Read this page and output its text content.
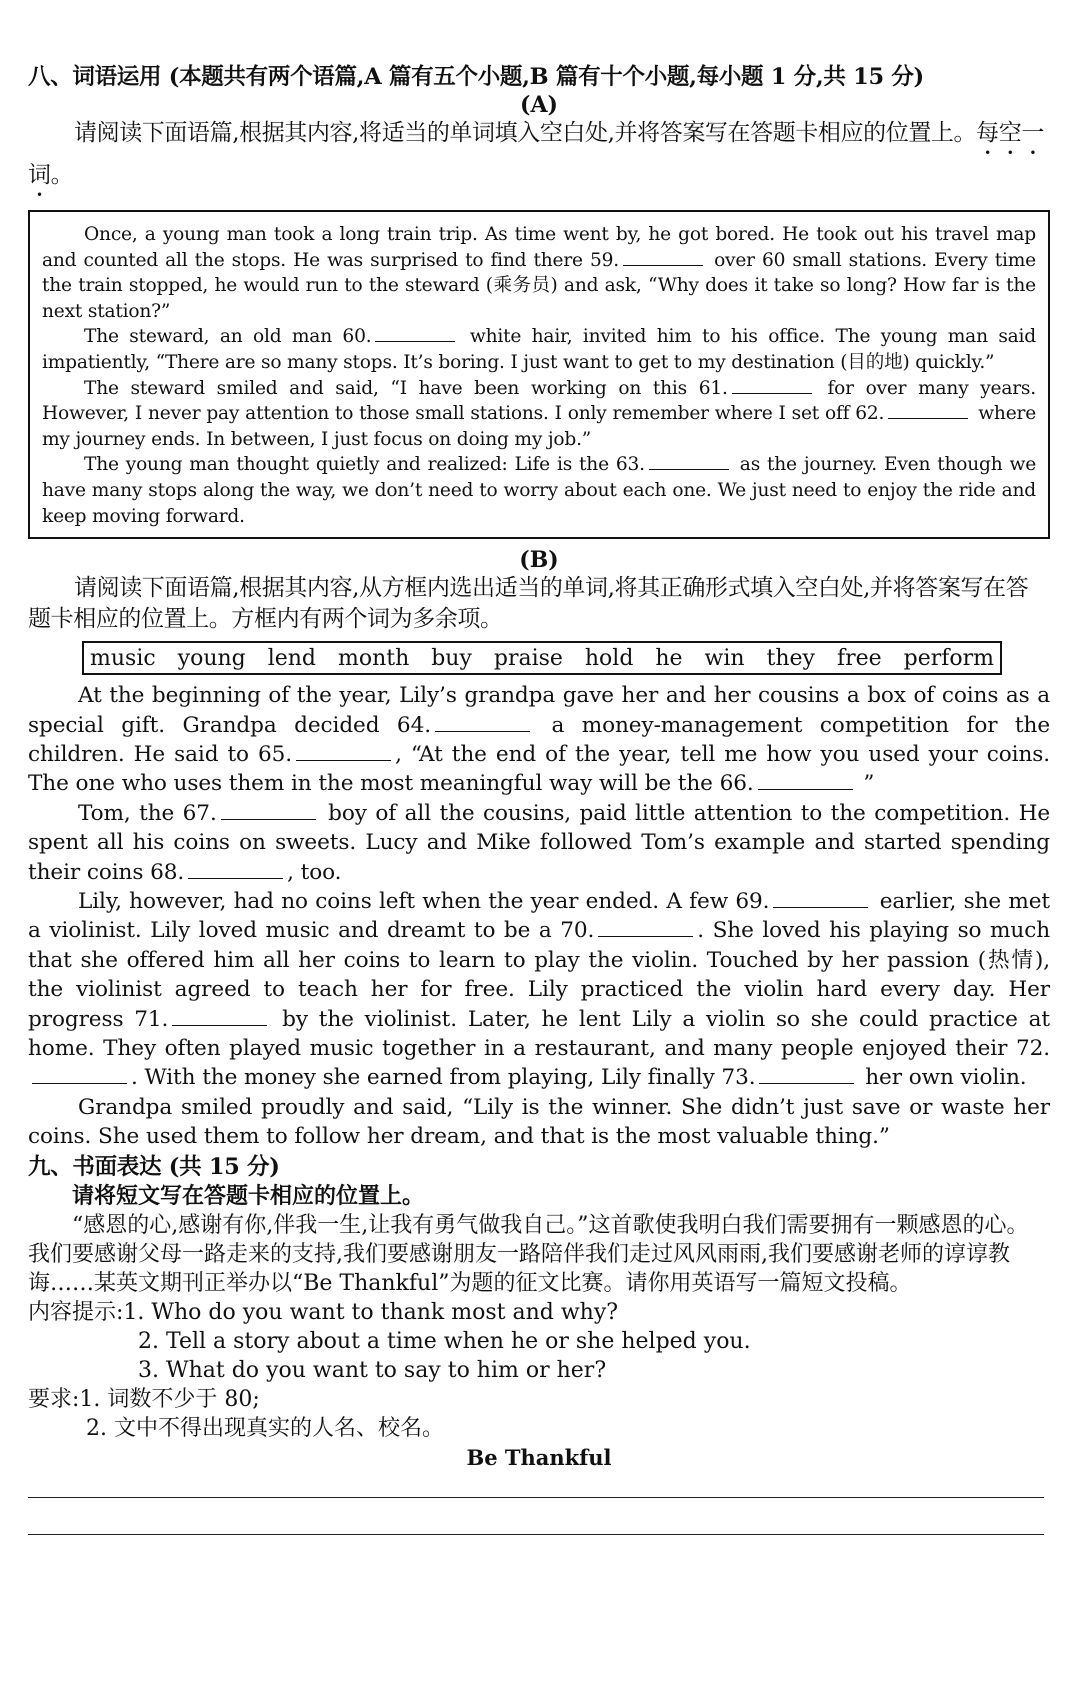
八、词语运用 (本题共有两个语篇,A 篇有五个小题,B 篇有十个小题,每小题 1 分,共 15 分)
(A)
请阅读下面语篇,根据其内容,将适当的单词填入空白处,并将答案写在答题卡相应的位置上。每空一词。

Once, a young man took a long train trip. As time went by, he got bored. He took out his travel map and counted all the stops. He was surprised to find there 59.	over 60 small stations. Every time the train stopped, he would run to the steward (乘务员) and ask, “Why does it take so long? How far is the next station?”

The steward, an old man 60.	white hair, invited him to his office. The young man said impatiently, “There are so many stops. It’s boring. I just want to get to my destination (目的地) quickly.”

The steward smiled and said, “I have been working on this 61.	for over many years. However, I never pay attention to those small stations. I only remember where I set off 62.	where my journey ends. In between, I just focus on doing my job.”

The young man thought quietly and realized: Life is the 63.	as the journey. Even though we have many stops along the way, we don’t need to worry about each one. We just need to enjoy the ride and keep moving forward.

(B)
请阅读下面语篇,根据其内容,从方框内选出适当的单词,将其正确形式填入空白处,并将答案写在答题卡相应的位置上。方框内有两个词为多余项。
music young lend month buy praise hold he win they free perform

At the beginning of the year, Lily’s grandpa gave her and her cousins a box of coins as a special gift. Grandpa decided 64.	a money-management competition for the children. He said to 65.	, “At the end of the year, tell me how you used your coins. The one who uses them in the most meaningful way will be the 66.	”

Tom, the 67.	boy of all the cousins, paid little attention to the competition. He spent all his coins on sweets. Lucy and Mike followed Tom’s example and started spending their coins 68.	, too.

Lily, however, had no coins left when the year ended. A few 69.	earlier, she met a violinist. Lily loved music and dreamt to be a 70.	. She loved his playing so much that she offered him all her coins to learn to play the violin. Touched by her passion (热情), the violinist agreed to teach her for free. Lily practiced the violin hard every day. Her progress 71.	by the violinist. Later, he lent Lily a violin so she could practice at home. They often played music together in a restaurant, and many people enjoyed their 72.. With the money she earned from playing, Lily finally 73.	her own violin.

Grandpa smiled proudly and said, “Lily is the winner. She didn’t just save or waste her coins. She used them to follow her dream, and that is the most valuable thing.”

九、书面表达 (共 15 分)

请将短文写在答题卡相应的位置上。

“感恩的心,感谢有你,伴我一生,让我有勇气做我自己。”这首歌使我明白我们需要拥有一颗感恩的心。我们要感谢父母一路走来的支持,我们要感谢朋友一路陪伴我们走过风风雨雨,我们要感谢老师的谆谆教诲……某英文期刊正举办以“Be Thankful”为题的征文比赛。请你用英语写一篇短文投稿。

内容提示:1. Who do you want to thank most and why?

2. Tell a story about a time when he or she helped you.

3. What do you want to say to him or her?

要求:1. 词数不少于 80;

2. 文中不得出现真实的人名、校名。

Be Thankful
